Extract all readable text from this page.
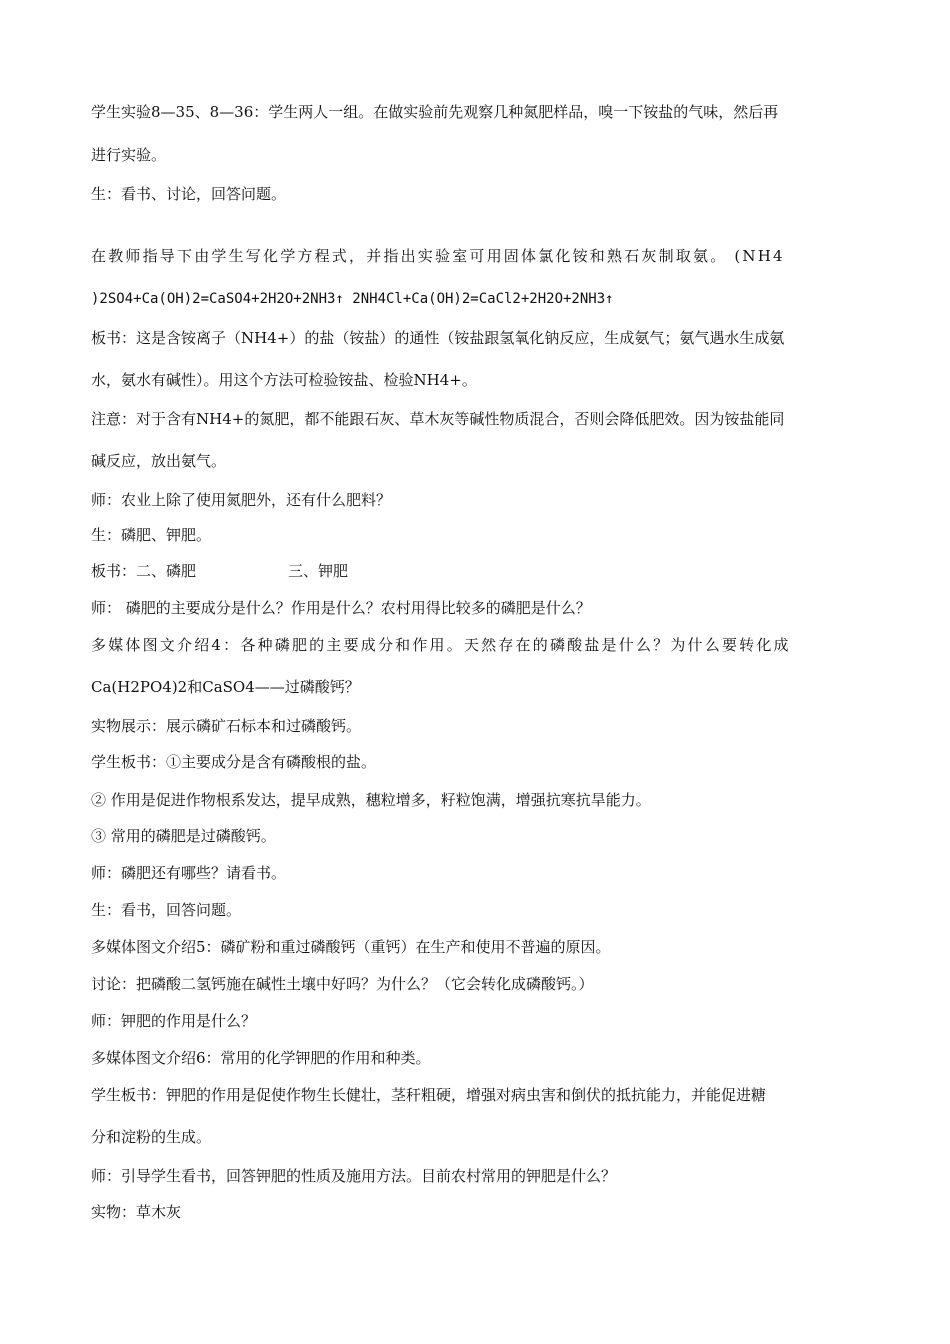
学生实验8—35、8—36：学生两人一组。在做实验前先观察几种氮肥样品，嗅一下铵盐的气味，然后再
进行实验。
生：看书、讨论，回答问题。
在教师指导下由学生写化学方程式，并指出实验室可用固体氯化铵和熟石灰制取氨。 (NH4
)2SO4+Ca(OH)2=CaSO4+2H2O+2NH3↑ 2NH4Cl+Ca(OH)2=CaCl2+2H2O+2NH3↑
板书：这是含铵离子（NH4+）的盐（铵盐）的通性（铵盐跟氢氧化钠反应，生成氨气；氨气遇水生成氨
水，氨水有碱性）。用这个方法可检验铵盐、检验NH4+。
注意：对于含有NH4+的氮肥，都不能跟石灰、草木灰等碱性物质混合，否则会降低肥效。因为铵盐能同
碱反应，放出氨气。
师：农业上除了使用氮肥外，还有什么肥料？
生：磷肥、钾肥。
板书：二、磷肥	三、钾肥
师： 磷肥的主要成分是什么？作用是什么？农村用得比较多的磷肥是什么？
多媒体图文介绍4：各种磷肥的主要成分和作用。天然存在的磷酸盐是什么？为什么要转化成
Ca(H2PO4)2和CaSO4——过磷酸钙？
实物展示：展示磷矿石标本和过磷酸钙。
学生板书：①主要成分是含有磷酸根的盐。
② 作用是促进作物根系发达，提早成熟，穗粒增多，籽粒饱满，增强抗寒抗旱能力。
③ 常用的磷肥是过磷酸钙。
师：磷肥还有哪些？请看书。
生：看书，回答问题。
多媒体图文介绍5：磷矿粉和重过磷酸钙（重钙）在生产和使用不普遍的原因。
讨论：把磷酸二氢钙施在碱性土壤中好吗？为什么？（它会转化成磷酸钙。）
师：钾肥的作用是什么？
多媒体图文介绍6：常用的化学钾肥的作用和种类。
学生板书：钾肥的作用是促使作物生长健壮，茎秆粗硬，增强对病虫害和倒伏的抵抗能力，并能促进糖
分和淀粉的生成。
师：引导学生看书，回答钾肥的性质及施用方法。目前农村常用的钾肥是什么？
实物：草木灰
